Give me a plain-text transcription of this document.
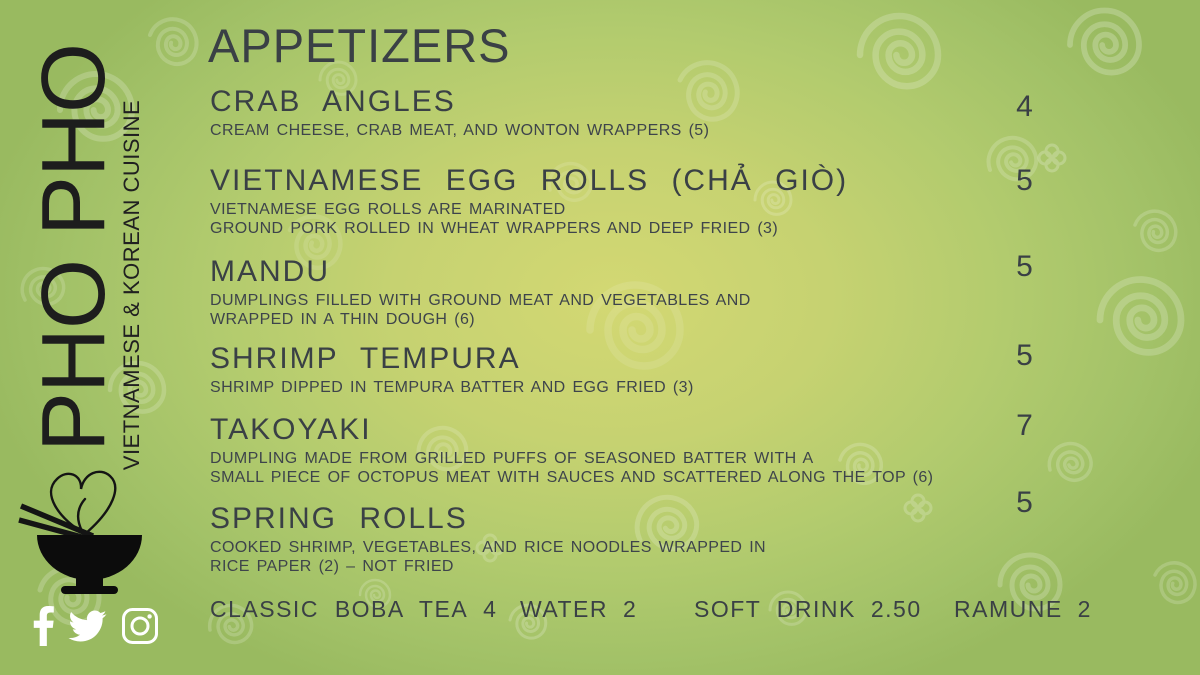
PHO PHO
VIETNAMESE & KOREAN CUISINE
APPETIZERS
CRAB ANGLES
CREAM CHEESE, CRAB MEAT, AND WONTON WRAPPERS (5)
4
VIETNAMESE EGG ROLLS (CHẢ GIÒ)
VIETNAMESE EGG ROLLS ARE MARINATED
GROUND PORK ROLLED IN WHEAT WRAPPERS AND DEEP FRIED (3)
5
MANDU
DUMPLINGS FILLED WITH GROUND MEAT AND VEGETABLES AND
WRAPPED IN A THIN DOUGH (6)
5
SHRIMP TEMPURA
SHRIMP DIPPED IN TEMPURA BATTER AND EGG FRIED (3)
5
TAKOYAKI
DUMPLING MADE FROM GRILLED PUFFS OF SEASONED BATTER WITH A
SMALL PIECE OF OCTOPUS MEAT WITH SAUCES AND SCATTERED ALONG THE TOP (6)
7
SPRING ROLLS
COOKED SHRIMP, VEGETABLES, AND RICE NOODLES WRAPPED IN
RICE PAPER (2) – NOT FRIED
5
CLASSIC BOBA TEA 4 WATER 2 SOFT DRINK 2.50 RAMUNE 2
